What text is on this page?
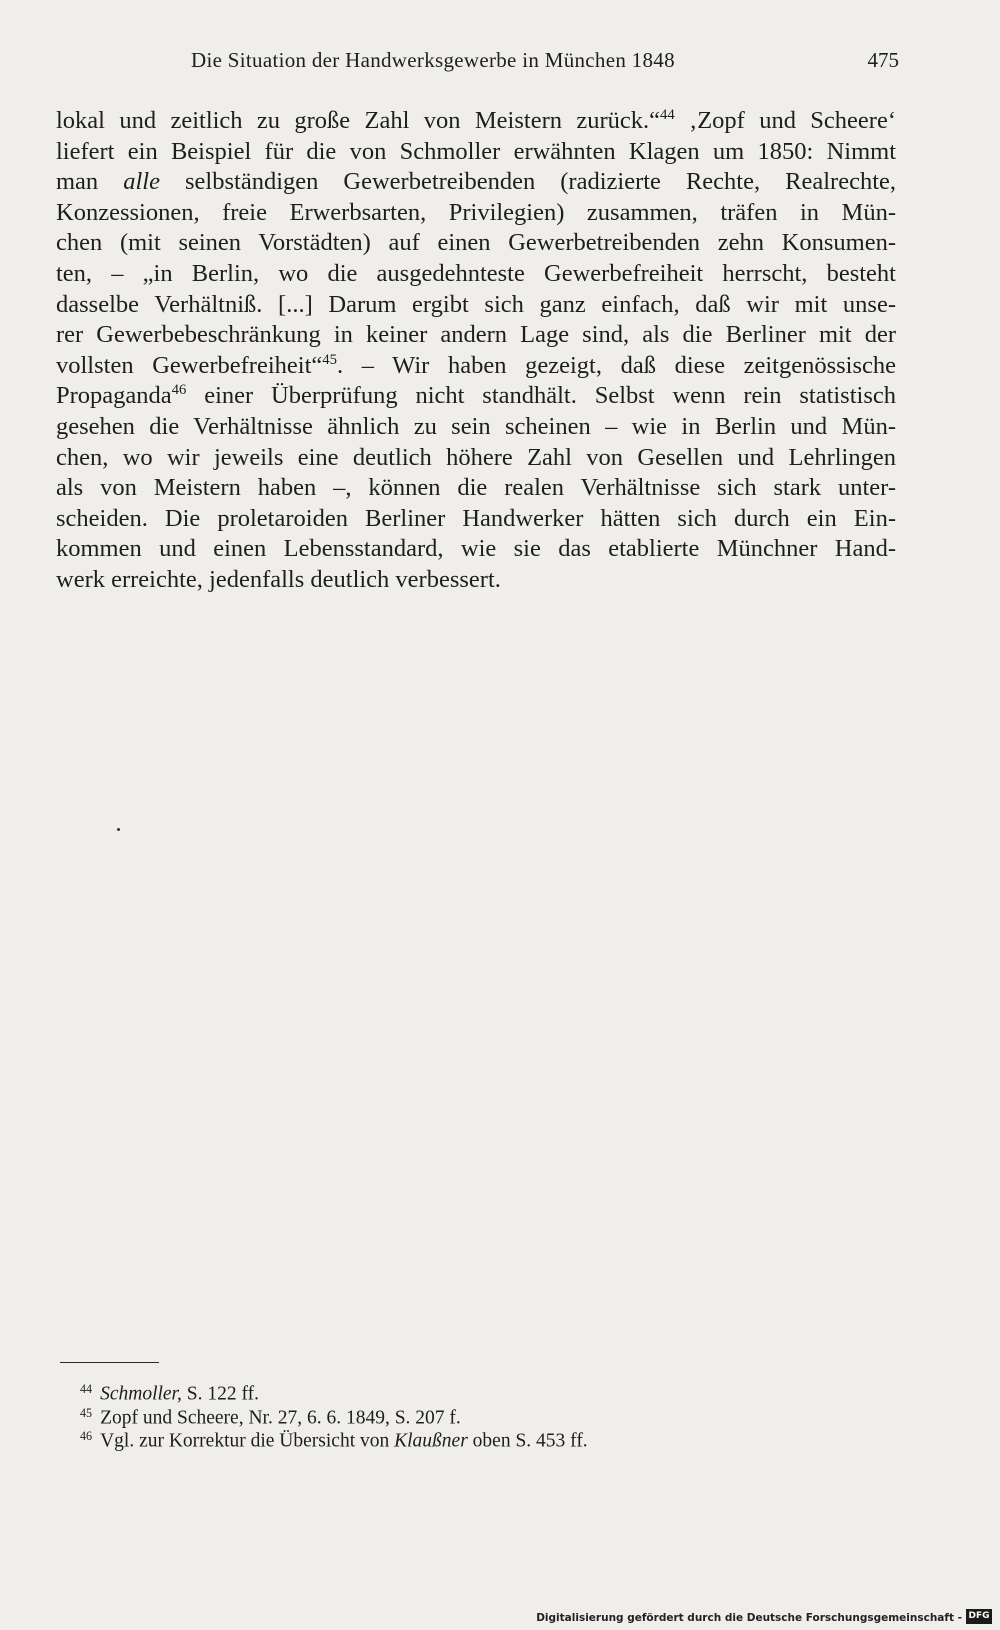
Die Situation der Handwerksgewerbe in München 1848	475
lokal und zeitlich zu große Zahl von Meistern zurück.“$^{44}$ ‚Zopf und Scheere‘
liefert ein Beispiel für die von Schmoller erwähnten Klagen um 1850: Nimmt
man alle selbständigen Gewerbetreibenden (radizierte Rechte, Realrechte,
Konzessionen, freie Erwerbsarten, Privilegien) zusammen, träfen in Mün-
chen (mit seinen Vorstädten) auf einen Gewerbetreibenden zehn Konsumen-
ten, – „in Berlin, wo die ausgedehnteste Gewerbefreiheit herrscht, besteht
dasselbe Verhältniß. [...] Darum ergibt sich ganz einfach, daß wir mit unse-
rer Gewerbebeschränkung in keiner andern Lage sind, als die Berliner mit der
vollsten Gewerbefreiheit“$^{45}$. – Wir haben gezeigt, daß diese zeitgenössische
Propaganda$^{46}$ einer Überprüfung nicht standhält. Selbst wenn rein statistisch
gesehen die Verhältnisse ähnlich zu sein scheinen – wie in Berlin und Mün-
chen, wo wir jeweils eine deutlich höhere Zahl von Gesellen und Lehrlingen
als von Meistern haben –, können die realen Verhältnisse sich stark unter-
scheiden. Die proletaroiden Berliner Handwerker hätten sich durch ein Ein-
kommen und einen Lebensstandard, wie sie das etablierte Münchner Hand-
werk erreichte, jedenfalls deutlich verbessert.
$^{44}$ Schmoller, S. 122 ff.
$^{45}$ Zopf und Scheere, Nr. 27, 6. 6. 1849, S. 207 f.
$^{46}$ Vgl. zur Korrektur die Übersicht von Klaußner oben S. 453 ff.
Digitalisierung gefördert durch die Deutsche Forschungsgemeinschaft - DFG
